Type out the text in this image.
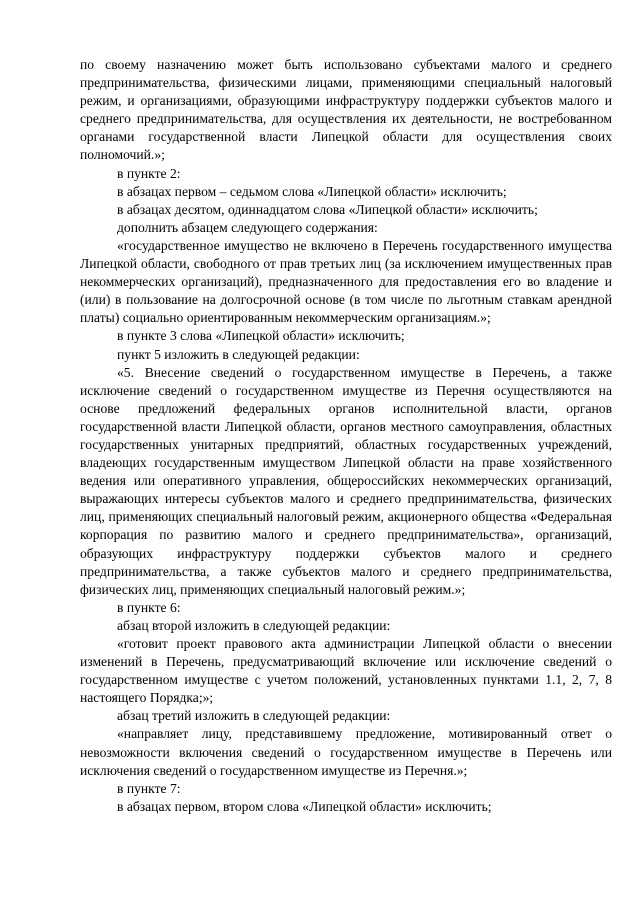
по своему назначению может быть использовано субъектами малого и среднего предпринимательства, физическими лицами, применяющими специальный налоговый режим, и организациями, образующими инфраструктуру поддержки субъектов малого и среднего предпринимательства, для осуществления их деятельности, не востребованном органами государственной власти Липецкой области для осуществления своих полномочий.»;

в пункте 2:

в абзацах первом – седьмом слова «Липецкой области» исключить;

в абзацах десятом, одиннадцатом слова «Липецкой области» исключить;

дополнить абзацем следующего содержания:

«государственное имущество не включено в Перечень государственного имущества Липецкой области, свободного от прав третьих лиц (за исключением имущественных прав некоммерческих организаций), предназначенного для предоставления его во владение и (или) в пользование на долгосрочной основе (в том числе по льготным ставкам арендной платы) социально ориентированным некоммерческим организациям.»;

в пункте 3 слова «Липецкой области» исключить;

пункт 5 изложить в следующей редакции:

«5. Внесение сведений о государственном имуществе в Перечень, а также исключение сведений о государственном имуществе из Перечня осуществляются на основе предложений федеральных органов исполнительной власти, органов государственной власти Липецкой области, органов местного самоуправления, областных государственных унитарных предприятий, областных государственных учреждений, владеющих государственным имуществом Липецкой области на праве хозяйственного ведения или оперативного управления, общероссийских некоммерческих организаций, выражающих интересы субъектов малого и среднего предпринимательства, физических лиц, применяющих специальный налоговый режим, акционерного общества «Федеральная корпорация по развитию малого и среднего предпринимательства», организаций, образующих инфраструктуру поддержки субъектов малого и среднего предпринимательства, а также субъектов малого и среднего предпринимательства, физических лиц, применяющих специальный налоговый режим.»;

в пункте 6:

абзац второй изложить в следующей редакции:

«готовит проект правового акта администрации Липецкой области о внесении изменений в Перечень, предусматривающий включение или исключение сведений о государственном имуществе с учетом положений, установленных пунктами 1.1, 2, 7, 8 настоящего Порядка;»;

абзац третий изложить в следующей редакции:

«направляет лицу, представившему предложение, мотивированный ответ о невозможности включения сведений о государственном имуществе в Перечень или исключения сведений о государственном имуществе из Перечня.»;

в пункте 7:

в абзацах первом, втором слова «Липецкой области» исключить;
